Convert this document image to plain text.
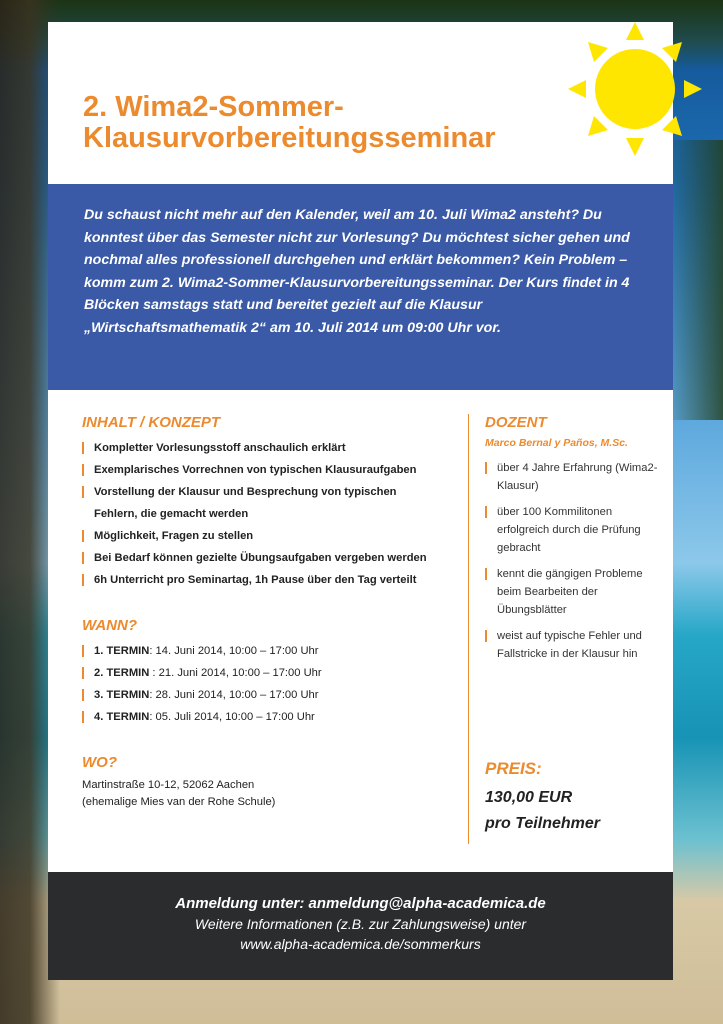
2. Wima2-Sommer-
Klausurvorbereitungsseminar
Du schaust nicht mehr auf den Kalender, weil am 10. Juli Wima2 ansteht? Du konntest über das Semester nicht zur Vorlesung? Du möchtest sicher gehen und nochmal alles professionell durchgehen und erklärt bekommen? Kein Problem – komm zum 2. Wima2-Sommer-Klausurvorbereitungsseminar. Der Kurs findet in 4 Blöcken samstags statt und bereitet gezielt auf die Klausur „Wirtschaftsmathematik 2“ am 10. Juli 2014 um 09:00 Uhr vor.
INHALT / KONZEPT
Kompletter Vorlesungsstoff anschaulich erklärt
Exemplarisches Vorrechnen von typischen Klausuraufgaben
Vorstellung der Klausur und Besprechung von typischen
Fehlern, die gemacht werden
Möglichkeit, Fragen zu stellen
Bei Bedarf können gezielte Übungsaufgaben vergeben werden
6h Unterricht pro Seminartag, 1h Pause über den Tag verteilt
WANN?
1. TERMIN: 14. Juni 2014, 10:00 – 17:00 Uhr
2. TERMIN : 21. Juni 2014, 10:00 – 17:00 Uhr
3. TERMIN: 28. Juni 2014, 10:00 – 17:00 Uhr
4. TERMIN: 05. Juli 2014, 10:00 – 17:00 Uhr
WO?
Martinstraße 10-12, 52062 Aachen
(ehemalige Mies van der Rohe Schule)
DOZENT
Marco Bernal y Paños, M.Sc.
über 4 Jahre Erfahrung (Wima2-Klausur)
über 100 Kommilitonen erfolgreich durch die Prüfung gebracht
kennt die gängigen Probleme beim Bearbeiten der Übungsblätter
weist auf typische Fehler und Fallstricke in der Klausur hin
PREIS:
130,00 EUR
pro Teilnehmer
Anmeldung unter: anmeldung@alpha-academica.de
Weitere Informationen (z.B. zur Zahlungsweise) unter
www.alpha-academica.de/sommerkurs
